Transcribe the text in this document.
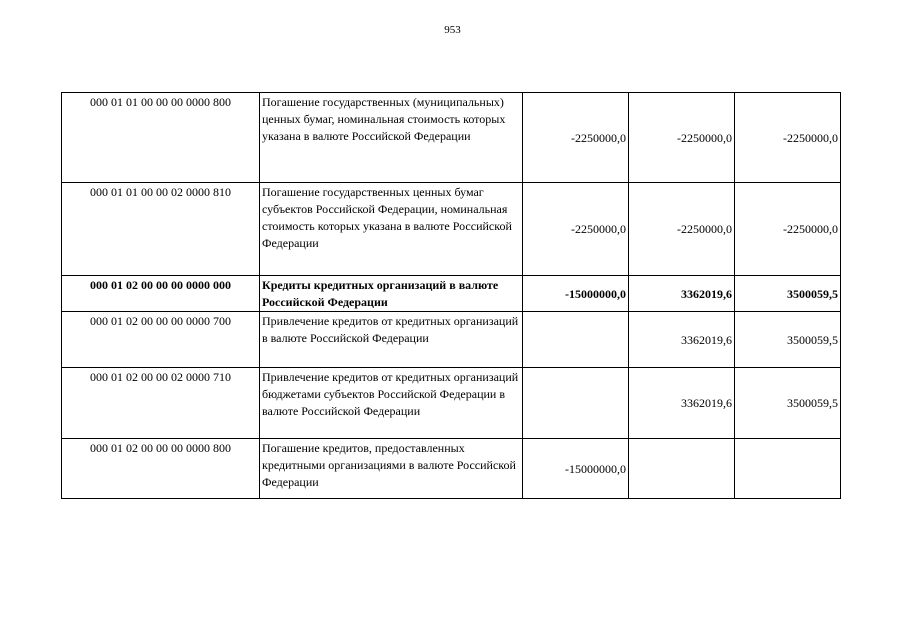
953
000 01 01 00 00 00 0000 800	Погашение государственных (муниципальных) ценных бумаг, номинальная стоимость которых указана в валюте Российской Федерации	-2250000,0	-2250000,0	-2250000,0
000 01 01 00 00 02 0000 810	Погашение государственных ценных бумаг субъектов Российской Федерации, номинальная стоимость которых указана в валюте Российской Федерации	-2250000,0	-2250000,0	-2250000,0
000 01 02 00 00 00 0000 000	Кредиты кредитных организаций в валюте Российской Федерации	-15000000,0	3362019,6	3500059,5
000 01 02 00 00 00 0000 700	Привлечение кредитов от кредитных организаций в валюте Российской Федерации		3362019,6	3500059,5
000 01 02 00 00 02 0000 710	Привлечение кредитов от кредитных организаций бюджетами субъектов Российской Федерации в валюте Российской Федерации		3362019,6	3500059,5
000 01 02 00 00 00 0000 800	Погашение кредитов, предоставленных кредитными организациями в валюте Российской Федерации	-15000000,0		
